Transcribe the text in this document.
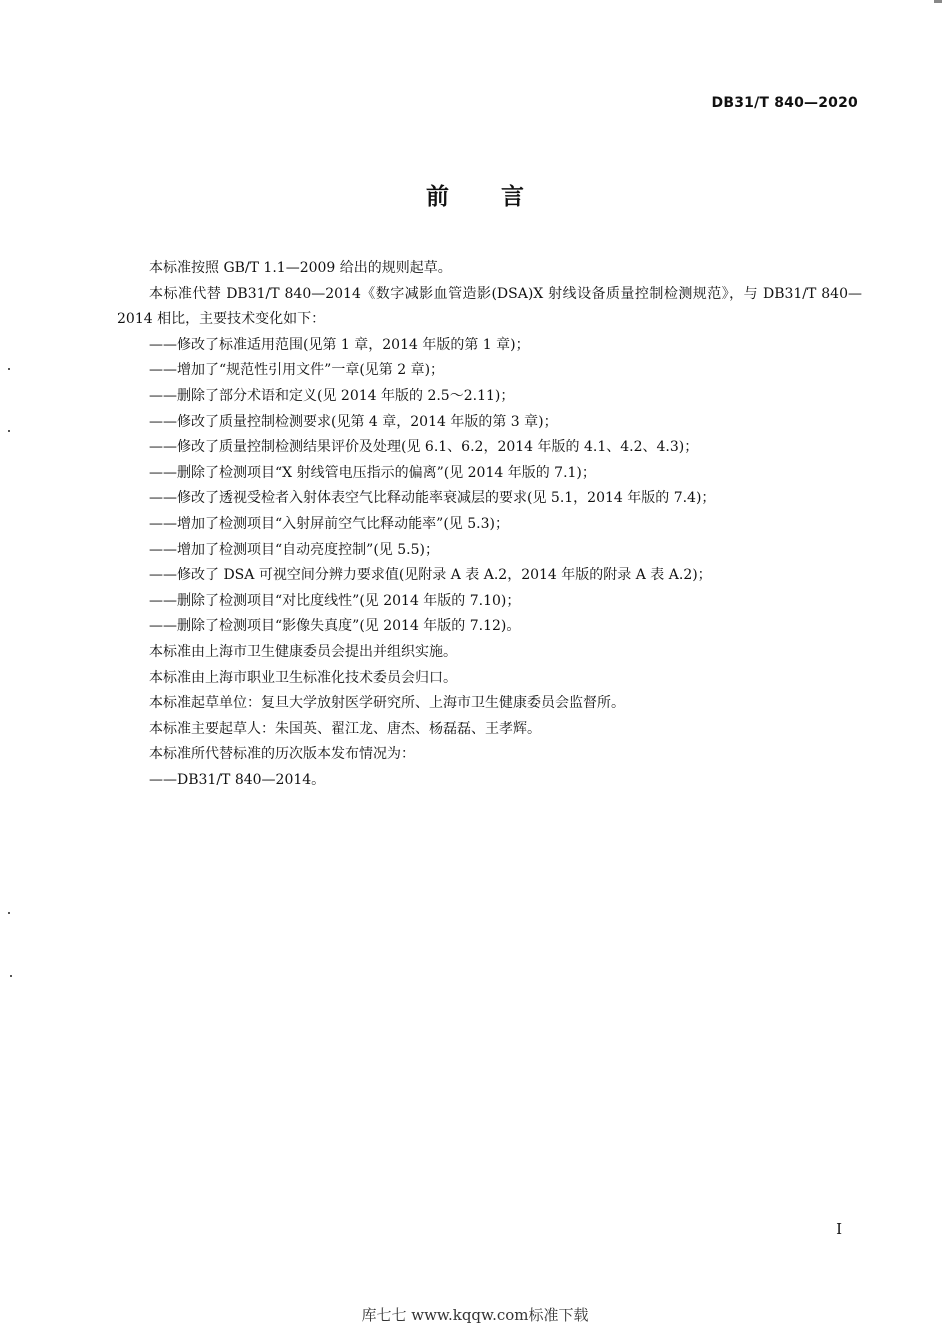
DB31/T 840—2020
前言

本标准按照 GB/T 1.1—2009 给出的规则起草。

本标准代替 DB31/T 840—2014《数字减影血管造影(DSA)X 射线设备质量控制检测规范》，与 DB31/T 840—2014 相比，主要技术变化如下：

——修改了标准适用范围(见第 1 章，2014 年版的第 1 章)；

——增加了“规范性引用文件”一章(见第 2 章)；

——删除了部分术语和定义(见 2014 年版的 2.5～2.11)；

——修改了质量控制检测要求(见第 4 章，2014 年版的第 3 章)；

——修改了质量控制检测结果评价及处理(见 6.1、6.2，2014 年版的 4.1、4.2、4.3)；

——删除了检测项目“X 射线管电压指示的偏离”(见 2014 年版的 7.1)；

——修改了透视受检者入射体表空气比释动能率衰减层的要求(见 5.1，2014 年版的 7.4)；

——增加了检测项目“入射屏前空气比释动能率”(见 5.3)；

——增加了检测项目“自动亮度控制”(见 5.5)；

——修改了 DSA 可视空间分辨力要求值(见附录 A 表 A.2，2014 年版的附录 A 表 A.2)；

——删除了检测项目“对比度线性”(见 2014 年版的 7.10)；

——删除了检测项目“影像失真度”(见 2014 年版的 7.12)。

本标准由上海市卫生健康委员会提出并组织实施。

本标准由上海市职业卫生标准化技术委员会归口。

本标准起草单位：复旦大学放射医学研究所、上海市卫生健康委员会监督所。

本标准主要起草人：朱国英、翟江龙、唐杰、杨磊磊、王孝辉。

本标准所代替标准的历次版本发布情况为：

——DB31/T 840—2014。

I
库七七 www.kqqw.com标准下载
